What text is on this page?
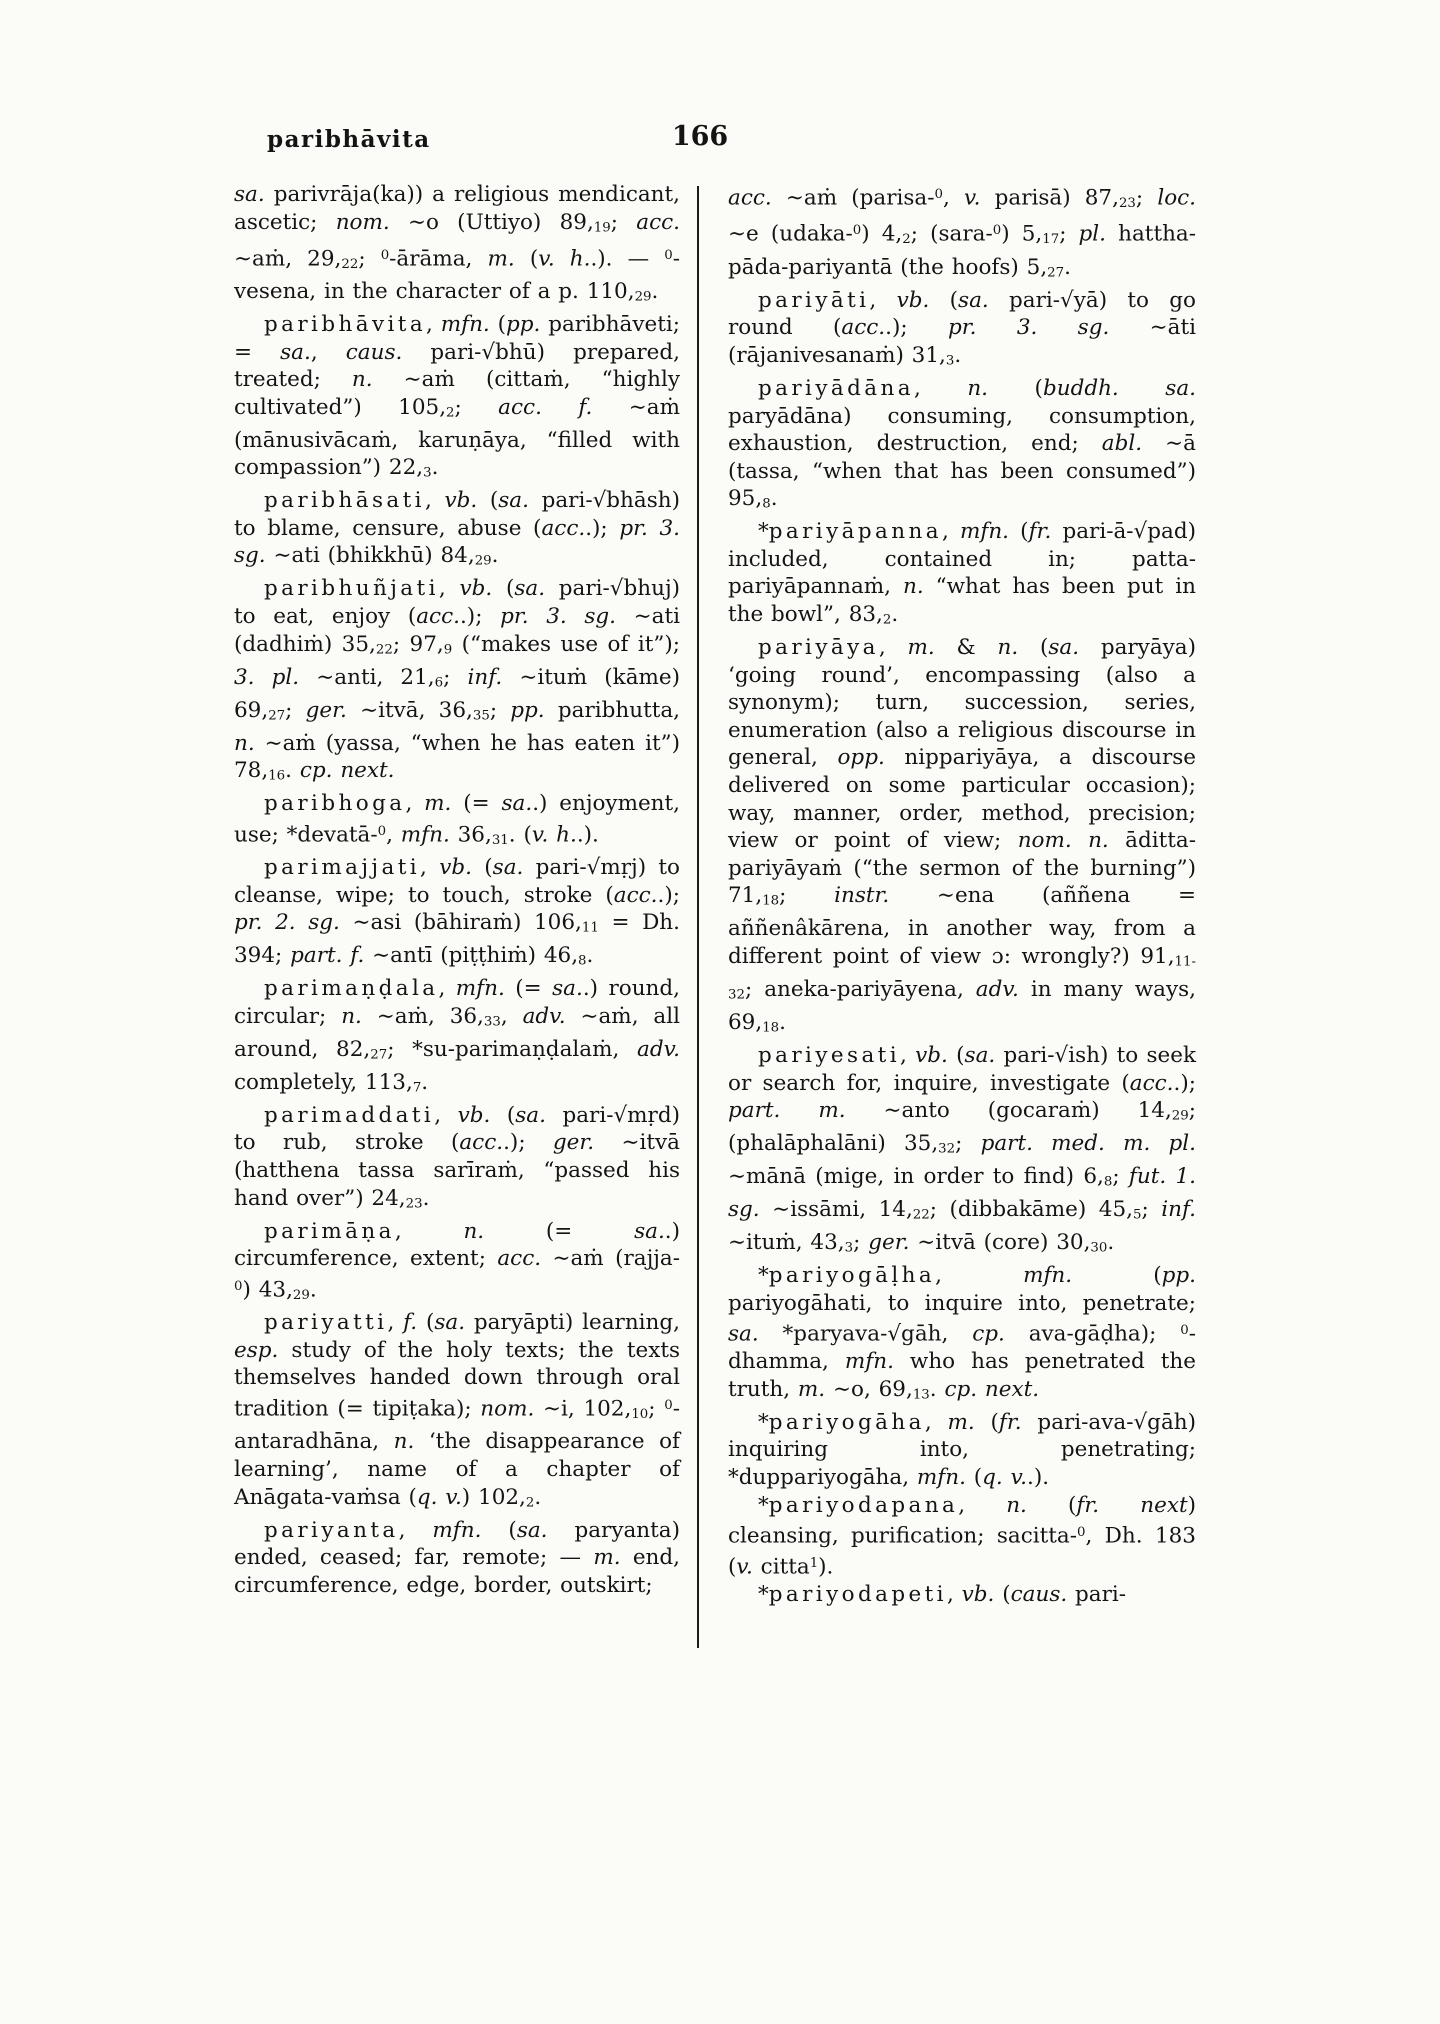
paribhāvita	166

sa. parivrāja(ka)) a religious mendicant, ascetic; nom. ∼o (Uttiyo) 89,19; acc. ∼aṁ, 29,22; $^0$-ārāma, m. (v. h..). — $^0$-vesena, in the character of a p. 110,29.

paribhāvita, mfn. (pp. paribhāveti; = sa., caus. pari-√bhū) prepared, treated; n. ∼aṁ (cittaṁ, “highly cultivated”) 105,2; acc. f. ∼aṁ (mānusivācaṁ, karuṇāya, “filled with compassion”) 22,3.

paribhāsati, vb. (sa. pari-√bhāsh) to blame, censure, abuse (acc..); pr. 3. sg. ∼ati (bhikkhū) 84,29.

paribhuñjati, vb. (sa. pari-√bhuj) to eat, enjoy (acc..); pr. 3. sg. ∼ati (dadhiṁ) 35,22; 97,9 (“makes use of it”); 3. pl. ∼anti, 21,6; inf. ∼ituṁ (kāme) 69,27; ger. ∼itvā, 36,35; pp. paribhutta, n. ∼aṁ (yassa, “when he has eaten it”) 78,16. cp. next.

paribhoga, m. (= sa..) enjoyment, use; *devatā-$^0$, mfn. 36,31. (v. h..).

parimajjati, vb. (sa. pari-√mṛj) to cleanse, wipe; to touch, stroke (acc..); pr. 2. sg. ∼asi (bāhiraṁ) 106,11 = Dh. 394; part. f. ∼antī (piṭṭhiṁ) 46,8.

parimaṇḍala, mfn. (= sa..) round, circular; n. ∼aṁ, 36,33, adv. ∼aṁ, all around, 82,27; *su-parimaṇḍalaṁ, adv. completely, 113,7.

parimaddati, vb. (sa. pari-√mṛd) to rub, stroke (acc..); ger. ∼itvā (hatthena tassa sarīraṁ, “passed his hand over”) 24,23.

parimāṇa, n. (= sa..) circumference, extent; acc. ∼aṁ (rajja-$^0$) 43,29.

pariyatti, f. (sa. paryāpti) learning, esp. study of the holy texts; the texts themselves handed down through oral tradition (= tipiṭaka); nom. ∼i, 102,10; $^0$-antaradhāna, n. ‘the disappearance of learning’, name of a chapter of Anāgata-vaṁsa (q. v.) 102,2.

pariyanta, mfn. (sa. paryanta) ended, ceased; far, remote; — m. end, circumference, edge, border, outskirt;

acc. ∼aṁ (parisa-$^0$, v. parisā) 87,23; loc. ∼e (udaka-$^0$) 4,2; (sara-$^0$) 5,17; pl. hattha-pāda-pariyantā (the hoofs) 5,27.

pariyāti, vb. (sa. pari-√yā) to go round (acc..); pr. 3. sg. ∼āti (rājanivesanaṁ) 31,3.

pariyādāna, n. (buddh. sa. paryādāna) consuming, consumption, exhaustion, destruction, end; abl. ∼ā (tassa, “when that has been consumed”) 95,8.

*pariyāpanna, mfn. (fr. pari-ā-√pad) included, contained in; patta-pariyāpannaṁ, n. “what has been put in the bowl”, 83,2.

pariyāya, m. & n. (sa. paryāya) ‘going round’, encompassing (also a synonym); turn, succession, series, enumeration (also a religious discourse in general, opp. nippariyāya, a discourse delivered on some particular occasion); way, manner, order, method, precision; view or point of view; nom. n. āditta-pariyāyaṁ (“the sermon of the burning”) 71,18; instr. ∼ena (aññena = aññenâkārena, in another way, from a different point of view ɔ: wrongly?) 91,11-32; aneka-pariyāyena, adv. in many ways, 69,18.

pariyesati, vb. (sa. pari-√ish) to seek or search for, inquire, investigate (acc..); part. m. ∼anto (gocaraṁ) 14,29; (phalāphalāni) 35,32; part. med. m. pl. ∼mānā (mige, in order to find) 6,8; fut. 1. sg. ∼issāmi, 14,22; (dibbakāme) 45,5; inf. ∼ituṁ, 43,3; ger. ∼itvā (core) 30,30.

*pariyogāḷha, mfn. (pp. pariyogāhati, to inquire into, penetrate; sa. *paryava-√gāh, cp. ava-gāḍha); $^0$-dhamma, mfn. who has penetrated the truth, m. ∼o, 69,13. cp. next.

*pariyogāha, m. (fr. pari-ava-√gāh) inquiring into, penetrating; *duppariyogāha, mfn. (q. v..).

*pariyodapana, n. (fr. next) cleansing, purification; sacitta-$^0$, Dh. 183 (v. citta$^1$).

*pariyodapeti, vb. (caus. pari-
